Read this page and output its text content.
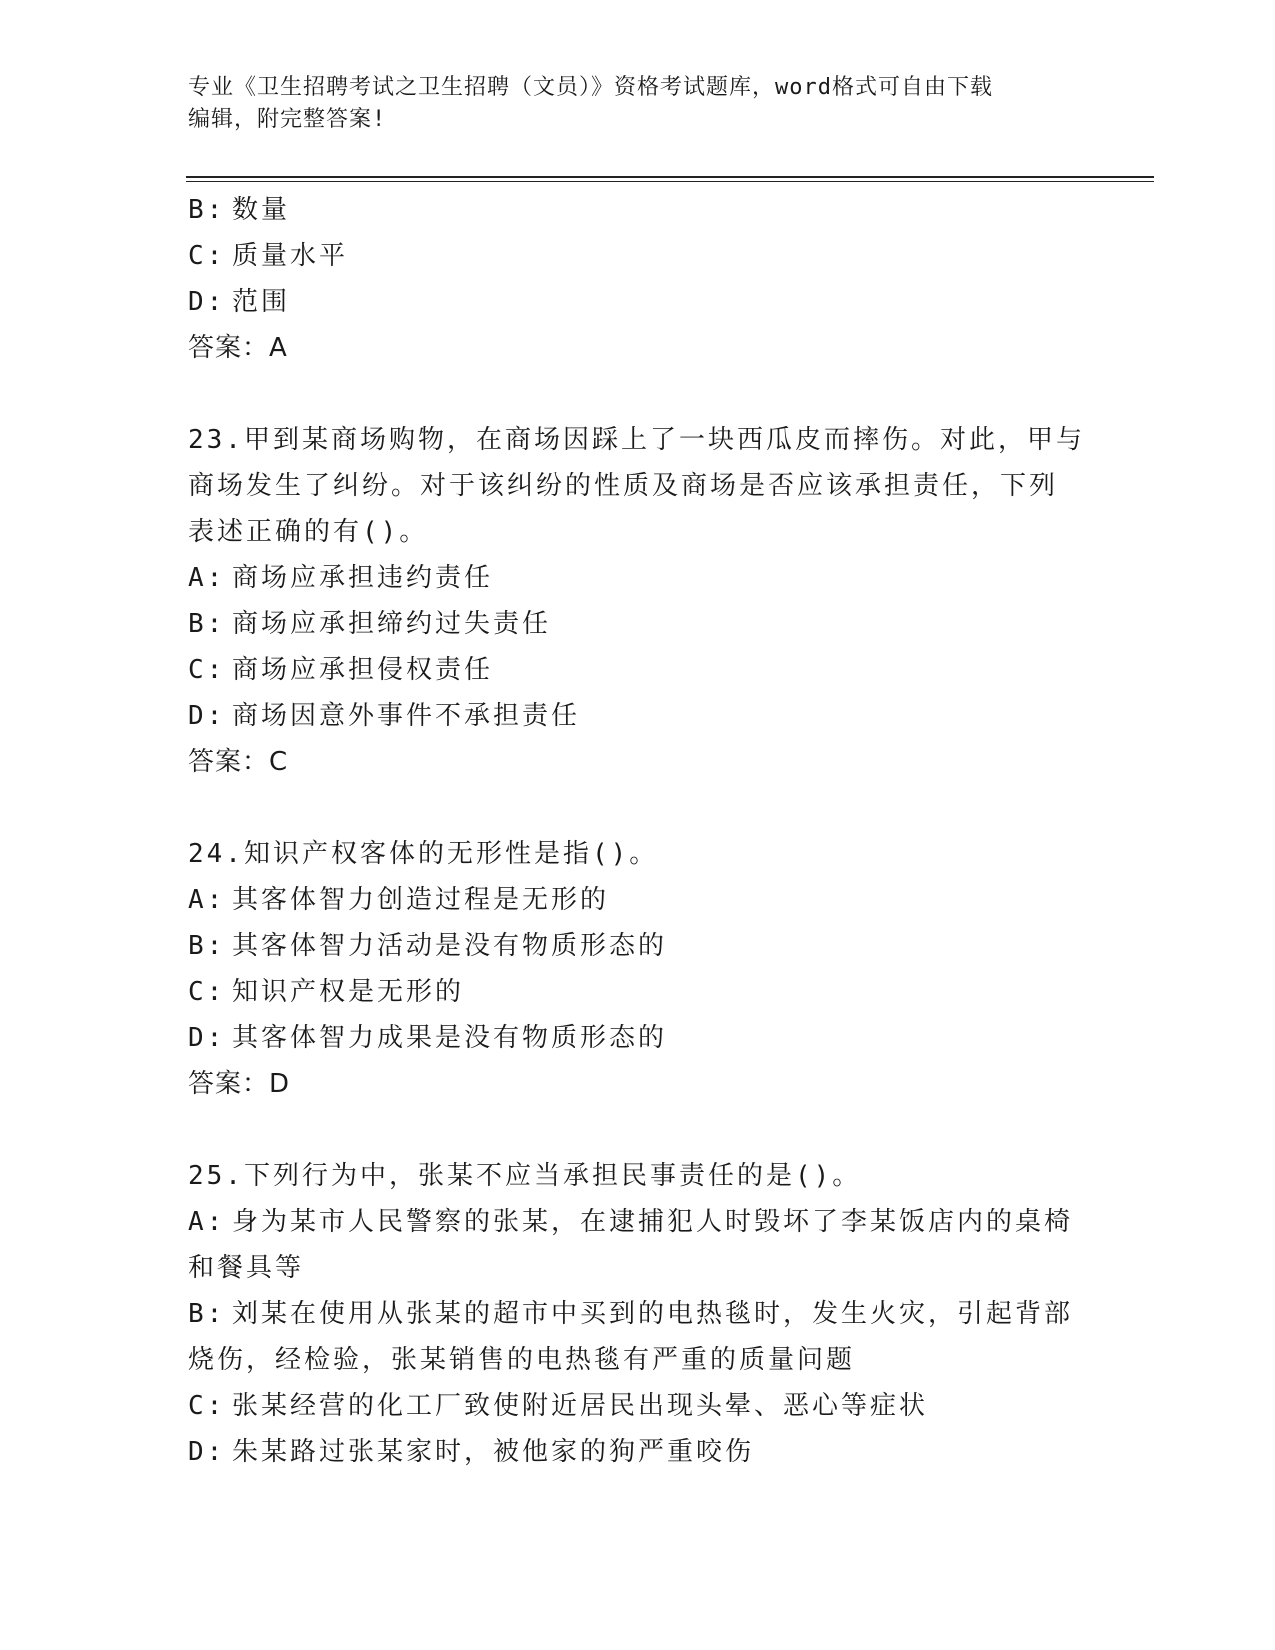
专业《卫生招聘考试之卫生招聘（文员）》资格考试题库，word格式可自由下载
编辑，附完整答案!
B: 数量
C: 质量水平
D: 范围
答案：A
23.甲到某商场购物，在商场因踩上了一块西瓜皮而摔伤。对此，甲与
商场发生了纠纷。对于该纠纷的性质及商场是否应该承担责任，下列
表述正确的有()。
A: 商场应承担违约责任
B: 商场应承担缔约过失责任
C: 商场应承担侵权责任
D: 商场因意外事件不承担责任
答案：C
24.知识产权客体的无形性是指()。
A: 其客体智力创造过程是无形的
B: 其客体智力活动是没有物质形态的
C: 知识产权是无形的
D: 其客体智力成果是没有物质形态的
答案：D
25.下列行为中，张某不应当承担民事责任的是()。
A: 身为某市人民警察的张某，在逮捕犯人时毁坏了李某饭店内的桌椅
和餐具等
B: 刘某在使用从张某的超市中买到的电热毯时，发生火灾，引起背部
烧伤，经检验，张某销售的电热毯有严重的质量问题
C: 张某经营的化工厂致使附近居民出现头晕、恶心等症状
D: 朱某路过张某家时，被他家的狗严重咬伤
